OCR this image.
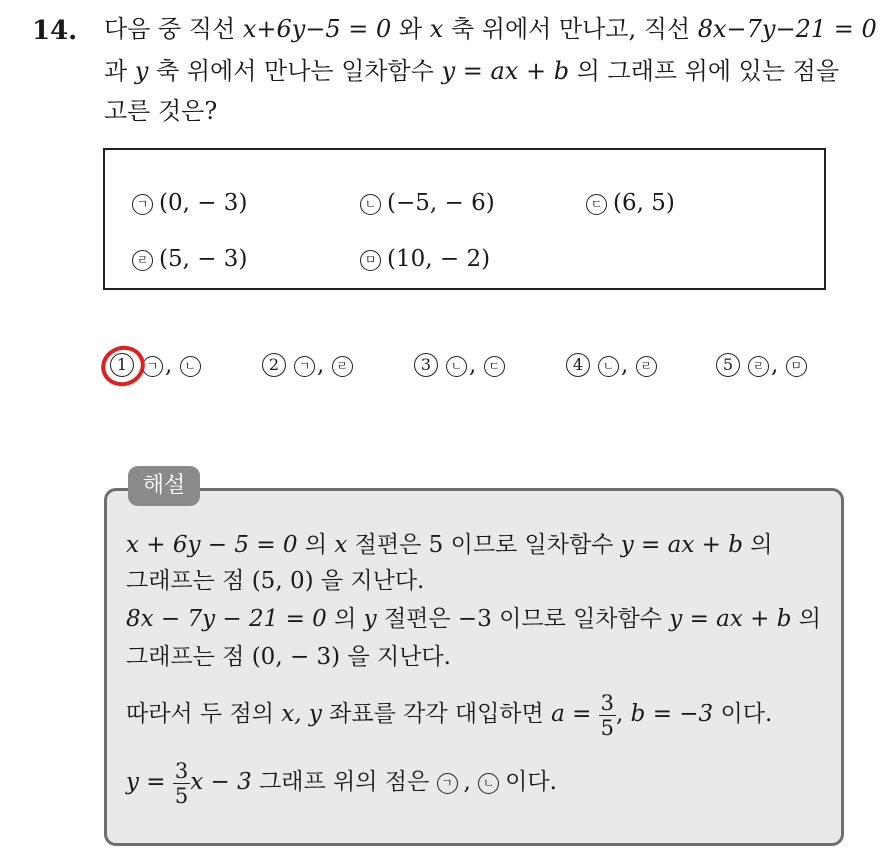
14. 다음 중 직선 x+6y−5 = 0 와 x 축 위에서 만나고, 직선 8x−7y−21 = 0
과 y 축 위에서 만나는 일차함수 y = ax + b 의 그래프 위에 있는 점을
고른 것은?
ㄱ (0, − 3)	ㄴ (−5, − 6)	ㄷ (6, 5)
ㄹ (5, − 3)	ㅁ (10, − 2)
1 ㄱ , ㄴ	2 ㄱ , ㄹ	3 ㄴ , ㄷ	4 ㄴ , ㄹ	5 ㄹ , ㅁ
해설
x + 6y − 5 = 0 의 x 절편은 5 이므로 일차함수 y = ax + b 의
그래프는 점 (5, 0) 을 지난다.
8x − 7y − 21 = 0 의 y 절편은 −3 이므로 일차함수 y = ax + b 의
그래프는 점 (0, − 3) 을 지난다.
따라서 두 점의 x, y 좌표를 각각 대입하면 $a = \frac{3}{5}$ , b = −3 이다.
$y = \frac{3}{5}$ x − 3 그래프 위의 점은 ㄱ , ㄴ 이다.
